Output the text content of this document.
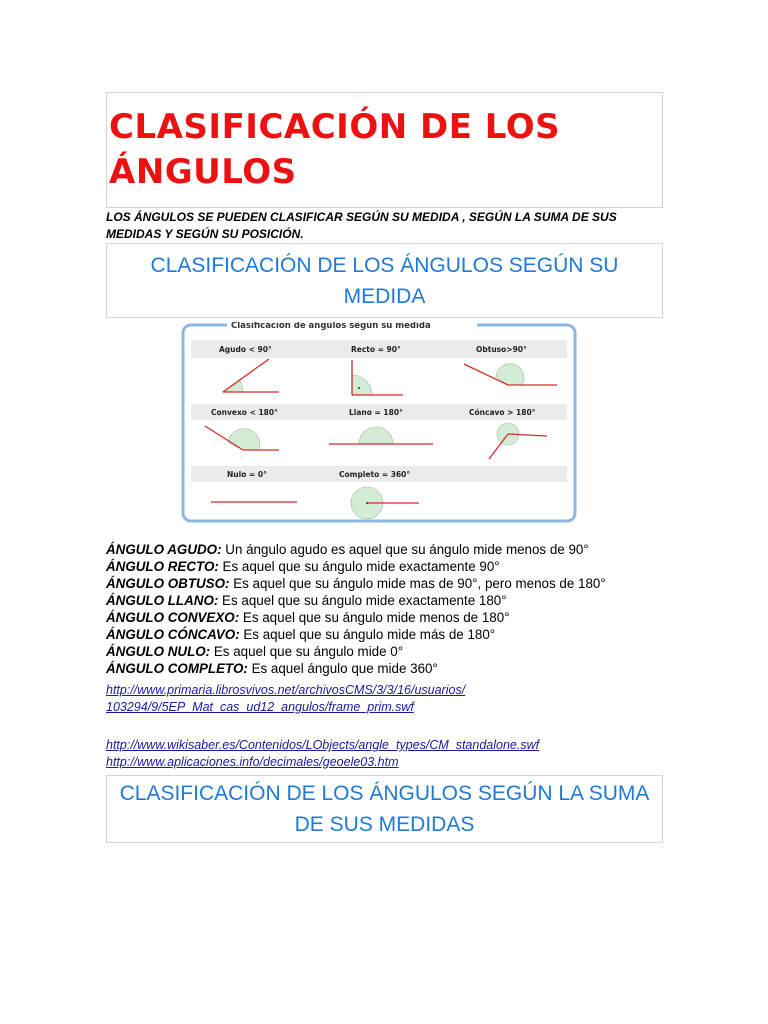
CLASIFICACIÓN DE LOS ÁNGULOS
LOS ÁNGULOS SE PUEDEN CLASIFICAR SEGÚN SU MEDIDA , SEGÚN LA SUMA DE SUS MEDIDAS Y SEGÚN SU POSICIÓN.
CLASIFICACIÓN DE LOS ÁNGULOS SEGÚN SU MEDIDA
Clasificación de ángulos según su medida
Agudo < 90°	Recto = 90°	Obtuso>90°
Convexo < 180°	Llano = 180°	Cóncavo > 180°
Nulo = 0°	Completo = 360°
ÁNGULO AGUDO: Un ángulo agudo es aquel que su ángulo mide menos de 90°
ÁNGULO RECTO: Es aquel que su ángulo mide exactamente 90°
ÁNGULO OBTUSO: Es aquel que su ángulo mide mas de 90°, pero menos de 180°
ÁNGULO LLANO: Es aquel que su ángulo mide exactamente 180°
ÁNGULO CONVEXO: Es aquel que su ángulo mide menos de 180°
ÁNGULO CÓNCAVO: Es aquel que su ángulo mide más de 180°
ÁNGULO NULO: Es aquel que su ángulo mide 0°
ÁNGULO COMPLETO: Es aquel ángulo que mide 360°
http://www.primaria.librosvivos.net/archivosCMS/3/3/16/usuarios/
103294/9/5EP_Mat_cas_ud12_angulos/frame_prim.swf
http://www.wikisaber.es/Contenidos/LObjects/angle_types/CM_standalone.swf
http://www.aplicaciones.info/decimales/geoele03.htm
CLASIFICACIÓN DE LOS ÁNGULOS SEGÚN LA SUMA DE SUS MEDIDAS
